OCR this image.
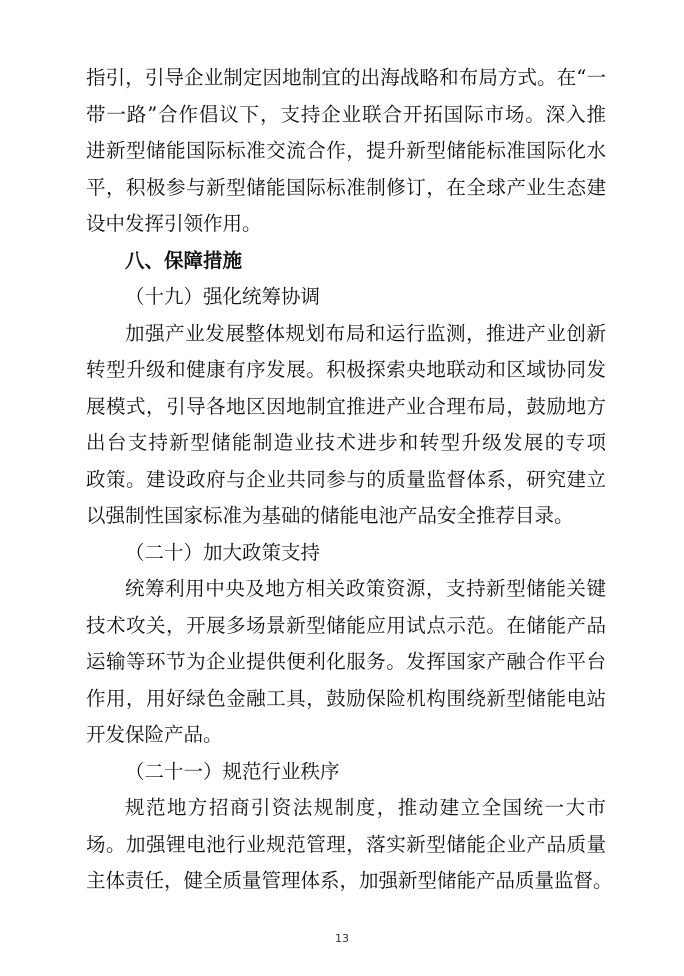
指引，引导企业制定因地制宜的出海战略和布局方式。在“一
带一路”合作倡议下，支持企业联合开拓国际市场。深入推
进新型储能国际标准交流合作，提升新型储能标准国际化水
平，积极参与新型储能国际标准制修订，在全球产业生态建
设中发挥引领作用。
八、保障措施
（十九）强化统筹协调
加强产业发展整体规划布局和运行监测，推进产业创新
转型升级和健康有序发展。积极探索央地联动和区域协同发
展模式，引导各地区因地制宜推进产业合理布局，鼓励地方
出台支持新型储能制造业技术进步和转型升级发展的专项
政策。建设政府与企业共同参与的质量监督体系，研究建立
以强制性国家标准为基础的储能电池产品安全推荐目录。
（二十）加大政策支持
统筹利用中央及地方相关政策资源，支持新型储能关键
技术攻关，开展多场景新型储能应用试点示范。在储能产品
运输等环节为企业提供便利化服务。发挥国家产融合作平台
作用，用好绿色金融工具，鼓励保险机构围绕新型储能电站
开发保险产品。
（二十一）规范行业秩序
规范地方招商引资法规制度，推动建立全国统一大市
场。加强锂电池行业规范管理，落实新型储能企业产品质量
主体责任，健全质量管理体系，加强新型储能产品质量监督。
13
